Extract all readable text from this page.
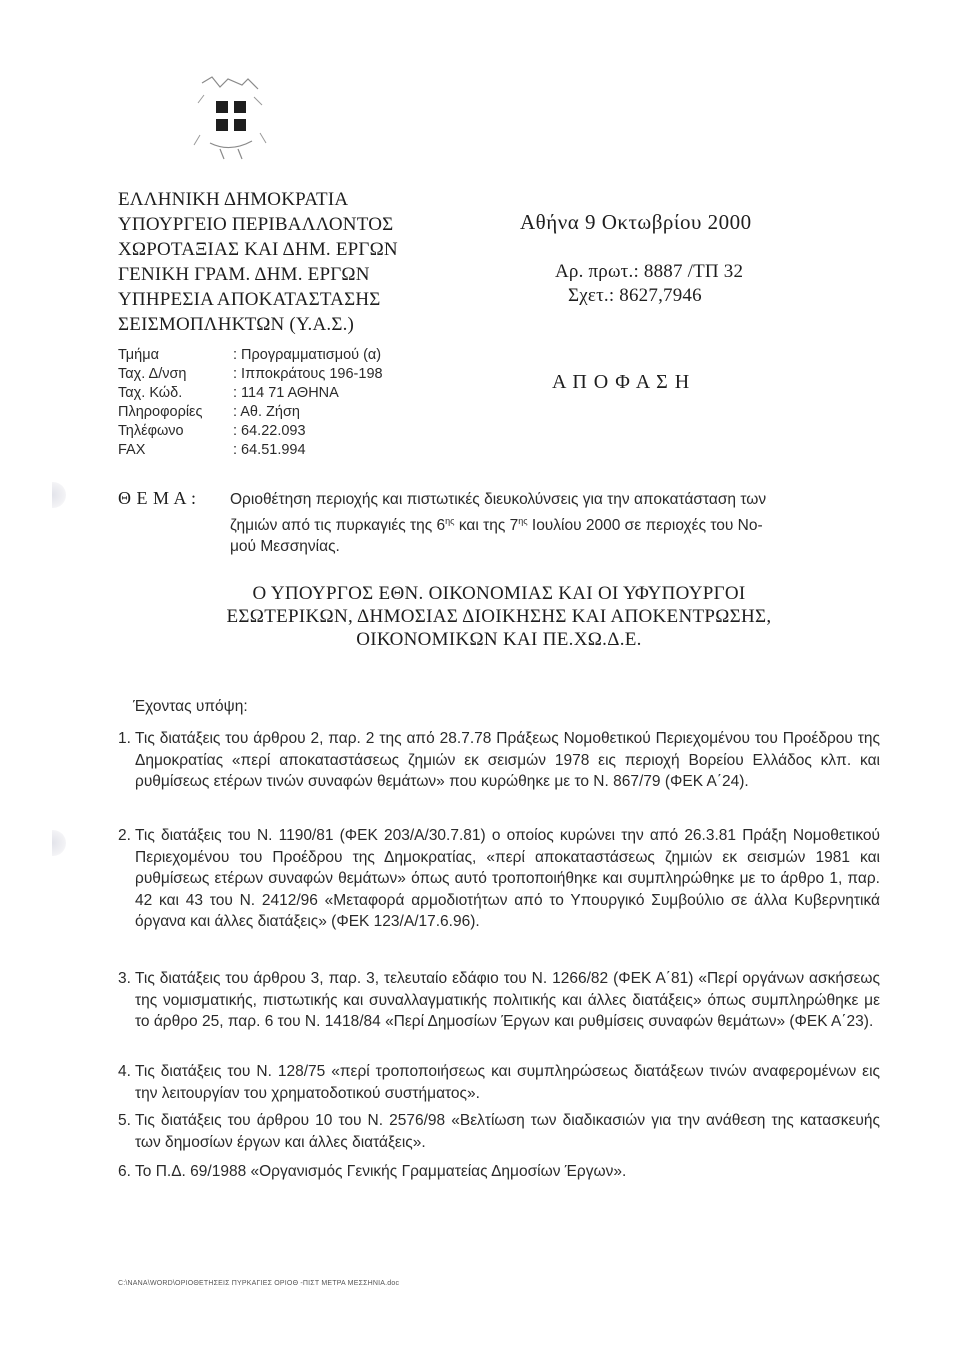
ΕΛΛΗΝΙΚΗ ΔΗΜΟΚΡΑΤΙΑ
ΥΠΟΥΡΓΕΙΟ ΠΕΡΙΒΑΛΛΟΝΤΟΣ
ΧΩΡΟΤΑΞΙΑΣ ΚΑΙ ΔΗΜ. ΕΡΓΩΝ
ΓΕΝΙΚΗ ΓΡΑΜ. ΔΗΜ. ΕΡΓΩΝ
ΥΠΗΡΕΣΙΑ ΑΠΟΚΑΤΑΣΤΑΣΗΣ
ΣΕΙΣΜΟΠΛΗΚΤΩΝ (Υ.Α.Σ.)
Αθήνα 9 Οκτωβρίου 2000
Αρ. πρωτ.: 8887 /ΤΠ 32
Σχετ.: 8627,7946
Τμήμα	: Προγραμματισμού (α)
Ταχ. Δ/νση	: Ιπποκράτους 196-198
Ταχ. Κώδ.	: 114 71 ΑΘΗΝΑ
Πληροφορίες : Αθ. Ζήση
Τηλέφωνο	: 64.22.093
FAX	: 64.51.994
Α Π Ο Φ Α Σ Η
Θ Ε Μ Α : Οριοθέτηση περιοχής και πιστωτικές διευκολύνσεις για την αποκατάσταση των
ζημιών από τις πυρκαγιές της $6^{\eta\varsigma}$ και της $7^{\eta\varsigma}$ Ιουλίου 2000 σε περιοχές του Νο-
μού Μεσσηνίας.
Ο ΥΠΟΥΡΓΟΣ ΕΘΝ. ΟΙΚΟΝΟΜΙΑΣ ΚΑΙ ΟΙ ΥΦΥΠΟΥΡΓΟΙ
ΕΣΩΤΕΡΙΚΩΝ, ΔΗΜΟΣΙΑΣ ΔΙΟΙΚΗΣΗΣ ΚΑΙ ΑΠΟΚΕΝΤΡΩΣΗΣ,
ΟΙΚΟΝΟΜΙΚΩΝ ΚΑΙ ΠΕ.ΧΩ.Δ.Ε.
Έχοντας υπόψη:
1. Τις διατάξεις του άρθρου 2, παρ. 2 της από 28.7.78 Πράξεως Νομοθετικού Περιεχομένου του Προέδρου της Δημοκρατίας «περί αποκαταστάσεως ζημιών εκ σεισμών 1978 εις περιοχή Βορείου Ελλάδος κλπ. και ρυθμίσεως ετέρων τινών συναφών θεμάτων» που κυρώθηκε με το Ν. 867/79 (ΦΕΚ Α΄24).
2. Τις διατάξεις του Ν. 1190/81 (ΦΕΚ 203/Α/30.7.81) ο οποίος κυρώνει την από 26.3.81 Πράξη Νομοθετικού Περιεχομένου του Προέδρου της Δημοκρατίας, «περί αποκαταστάσεως ζημιών εκ σεισμών 1981 και ρυθμίσεως ετέρων συναφών θεμάτων» όπως αυτό τροποποιήθηκε και συμπληρώθηκε με το άρθρο 1, παρ. 42 και 43 του Ν. 2412/96 «Μεταφορά αρμοδιοτήτων από το Υπουργικό Συμβούλιο σε άλλα Κυβερνητικά όργανα και άλλες διατάξεις» (ΦΕΚ 123/Α/17.6.96).
3. Τις διατάξεις του άρθρου 3, παρ. 3, τελευταίο εδάφιο του Ν. 1266/82 (ΦΕΚ Α΄81) «Περί οργάνων ασκήσεως της νομισματικής, πιστωτικής και συναλλαγματικής πολιτικής και άλλες διατάξεις» όπως συμπληρώθηκε με το άρθρο 25, παρ. 6 του Ν. 1418/84 «Περί Δημοσίων Έργων και ρυθμίσεις συναφών θεμάτων» (ΦΕΚ Α΄23).
4. Τις διατάξεις του Ν. 128/75 «περί τροποποιήσεως και συμπληρώσεως διατάξεων τινών αναφερομένων εις την λειτουργίαν του χρηματοδοτικού συστήματος».
5. Τις διατάξεις του άρθρου 10 του Ν. 2576/98 «Βελτίωση των διαδικασιών για την ανάθεση της κατασκευής των δημοσίων έργων και άλλες διατάξεις».
6. Το Π.Δ. 69/1988 «Οργανισμός Γενικής Γραμματείας Δημοσίων Έργων».
C:\ΝΑΝΑ\WORD\ΟΡΙΟΘΕΤΗΣΕΙΣ ΠΥΡΚΑΓΙΕΣ ΟΡΙΟΘ -ΠΙΣΤ ΜΕΤΡΑ ΜΕΣΣΗΝΙΑ.doc
